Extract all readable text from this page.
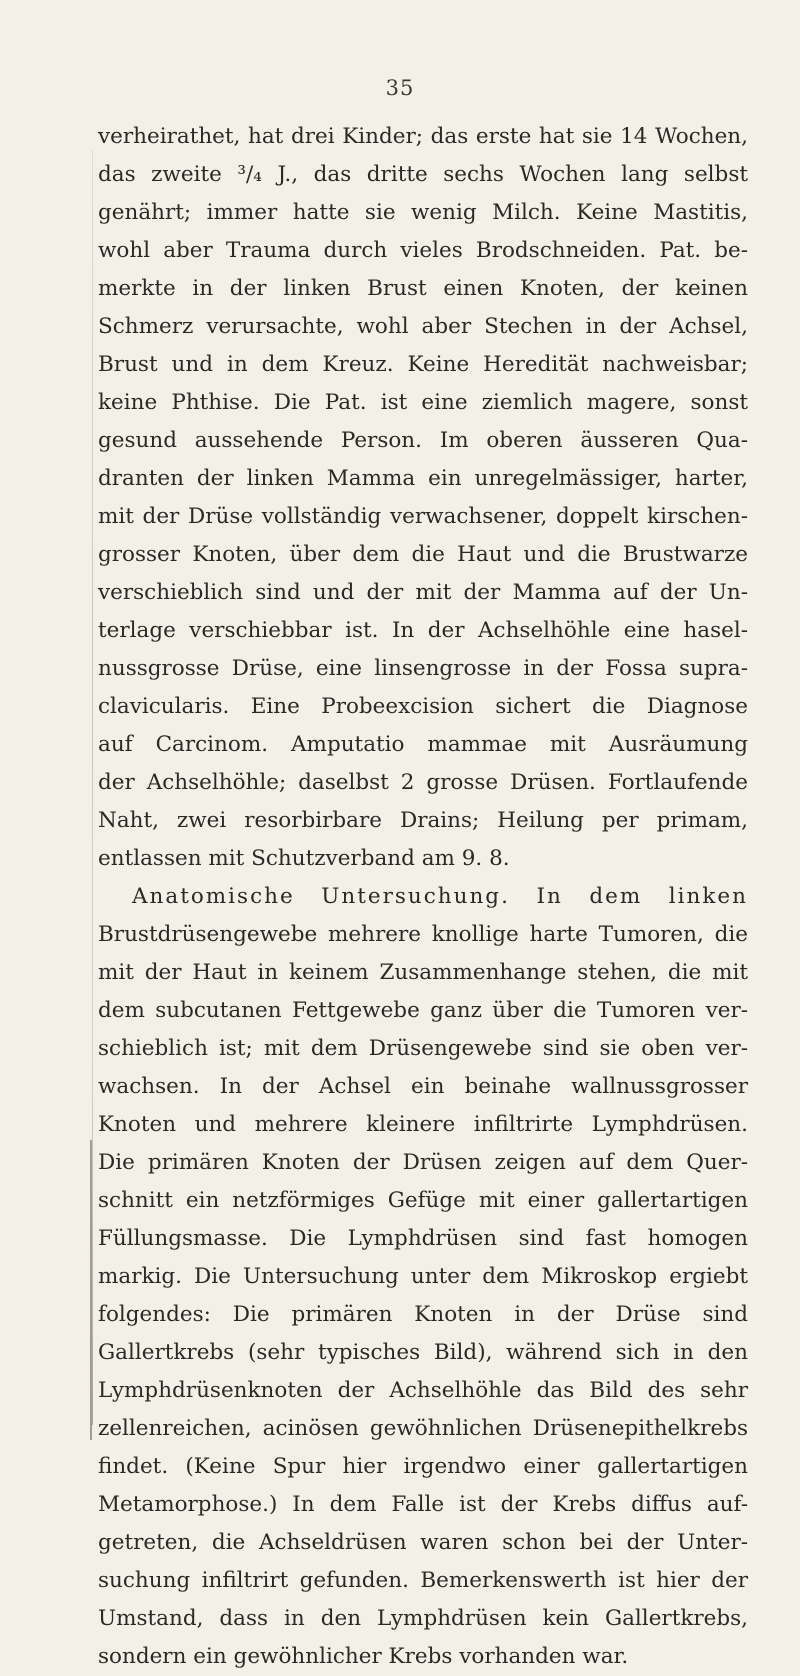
35
verheirathet, hat drei Kinder; das erste hat sie 14 Wochen,
das zweite ³/₄ J., das dritte sechs Wochen lang selbst
genährt; immer hatte sie wenig Milch. Keine Mastitis,
wohl aber Trauma durch vieles Brodschneiden. Pat. be-
merkte in der linken Brust einen Knoten, der keinen
Schmerz verursachte, wohl aber Stechen in der Achsel,
Brust und in dem Kreuz. Keine Heredität nachweisbar;
keine Phthise. Die Pat. ist eine ziemlich magere, sonst
gesund aussehende Person. Im oberen äusseren Qua-
dranten der linken Mamma ein unregelmässiger, harter,
mit der Drüse vollständig verwachsener, doppelt kirschen-
grosser Knoten, über dem die Haut und die Brustwarze
verschieblich sind und der mit der Mamma auf der Un-
terlage verschiebbar ist. In der Achselhöhle eine hasel-
nussgrosse Drüse, eine linsengrosse in der Fossa supra-
clavicularis. Eine Probeexcision sichert die Diagnose
auf Carcinom. Amputatio mammae mit Ausräumung
der Achselhöhle; daselbst 2 grosse Drüsen. Fortlaufende
Naht, zwei resorbirbare Drains; Heilung per primam,
entlassen mit Schutzverband am 9. 8.
Anatomische Untersuchung. In dem linken
Brustdrüsengewebe mehrere knollige harte Tumoren, die
mit der Haut in keinem Zusammenhange stehen, die mit
dem subcutanen Fettgewebe ganz über die Tumoren ver-
schieblich ist; mit dem Drüsengewebe sind sie oben ver-
wachsen. In der Achsel ein beinahe wallnussgrosser
Knoten und mehrere kleinere infiltrirte Lymphdrüsen.
Die primären Knoten der Drüsen zeigen auf dem Quer-
schnitt ein netzförmiges Gefüge mit einer gallertartigen
Füllungsmasse. Die Lymphdrüsen sind fast homogen
markig. Die Untersuchung unter dem Mikroskop ergiebt
folgendes: Die primären Knoten in der Drüse sind
Gallertkrebs (sehr typisches Bild), während sich in den
Lymphdrüsenknoten der Achselhöhle das Bild des sehr
zellenreichen, acinösen gewöhnlichen Drüsenepithelkrebs
findet. (Keine Spur hier irgendwo einer gallertartigen
Metamorphose.) In dem Falle ist der Krebs diffus auf-
getreten, die Achseldrüsen waren schon bei der Unter-
suchung infiltrirt gefunden. Bemerkenswerth ist hier der
Umstand, dass in den Lymphdrüsen kein Gallertkrebs,
sondern ein gewöhnlicher Krebs vorhanden war.
